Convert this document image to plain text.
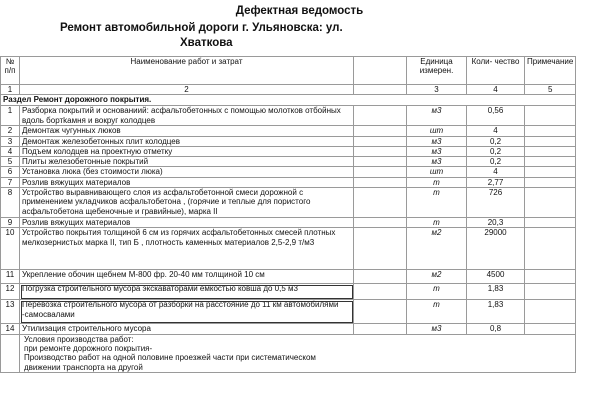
Дефектная ведомость
Ремонт автомобильной дороги г. Ульяновска: ул.
Хваткова
№ п/п	Наименование работ и затрат		Единица измерен.	Коли- чество	Примечание
1	2		3	4	5
Раздел Ремонт дорожного покрытия.					
1	Разборка покрытий и основаниий: асфальтобетонных с помощью молотков отбойных вдоль бортkамня и вокруг колодцев		м3	0,56	
2	Демонтаж чугунных люков		шт	4	
3	Демонтаж железобетонных плит колодцев		м3	0,2	
4	Подъем колодцев на проектную отметку		м3	0,2	
5	Плиты железобетонные покрытий		м3	0,2	
6	Установка люка (без стоимости люка)		шт	4	
7	Розлив вяжущих материалов		т	2,77	
8	Устройство выравнивающего слоя из асфальтобетонной смеси дорожной с применением укладчиков асфальтобетона , (горячие и теплые для пористого асфальтобетона щебеночные и гравийные), марка II		т	726	
9	Розлив вяжущих материалов		т	20,3	
10	Устройство покрытия толщиной 6 см из горячих асфальтобетонных смесей плотных мелкозернистых марка II, тип Б , плотность каменных материалов 2,5-2,9 т/м3		м2	29000	
11	Укрепление обочин щебнем М-800 фр. 20-40 мм толщиной 10 см		м2	4500	
12	Погрузка строительного мусора экскаваторами емкостью ковша до 0,5 м3		т	1,83	
13	Перевозка строительного мусора от разборки на расстояние до 11 км автомобилями -самосвалами		т	1,83	
14	Утилизация строительного мусора		м3	0,8	

	Условия производства работ:
при ремонте дорожного покрытия-
Производство работ на одной половине проезжей части при систематическом
движении транспорта на другой				
